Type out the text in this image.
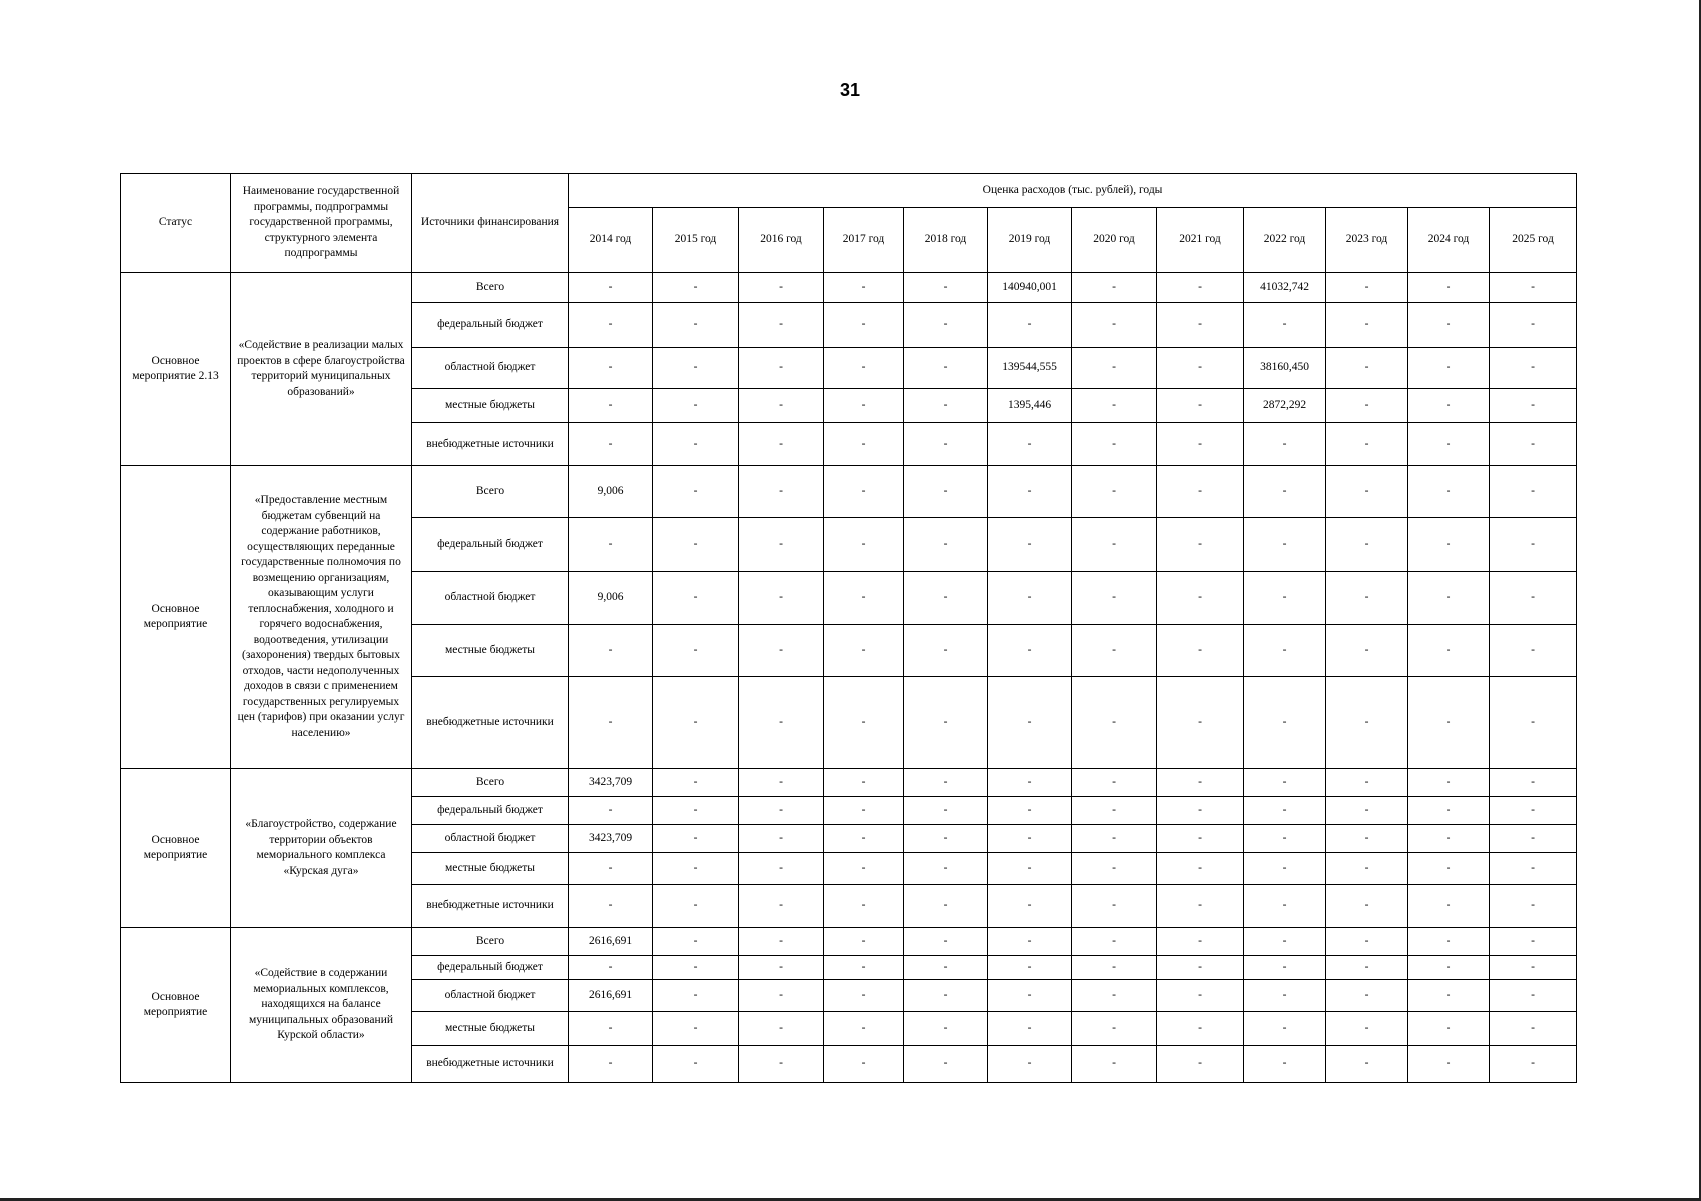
31
Статус	Наименование государственной программы, подпрограммы государственной программы, структурного элемента подпрограммы	Источники финансирования	Оценка расходов (тыс. рублей), годы											
			2014 год	2015 год	2016 год	2017 год	2018 год	2019 год	2020 год	2021 год	2022 год	2023 год	2024 год	2025 год
Основное мероприятие 2.13	«Содействие в реализации малых проектов в сфере благоустройства территорий муниципальных образований»	Всего	-	-	-	-	-	140940,001	-	-	41032,742	-	-	-
		федеральный бюджет	-	-	-	-	-	-	-	-	-	-	-	-
		областной бюджет	-	-	-	-	-	139544,555	-	-	38160,450	-	-	-
		местные бюджеты	-	-	-	-	-	1395,446	-	-	2872,292	-	-	-
		внебюджетные источники	-	-	-	-	-	-	-	-	-	-	-	-
Основное мероприятие	«Предоставление местным бюджетам субвенций на содержание работников, осуществляющих переданные государственные полномочия по возмещению организациям, оказывающим услуги теплоснабжения, холодного и горячего водоснабжения, водоотведения, утилизации (захоронения) твердых бытовых отходов, части недополученных доходов в связи с применением государственных регулируемых цен (тарифов) при оказании услуг населению»	Всего	9,006	-	-	-	-	-	-	-	-	-	-	-
		федеральный бюджет	-	-	-	-	-	-	-	-	-	-	-	-
		областной бюджет	9,006	-	-	-	-	-	-	-	-	-	-	-
		местные бюджеты	-	-	-	-	-	-	-	-	-	-	-	-
		внебюджетные источники	-	-	-	-	-	-	-	-	-	-	-	-
Основное мероприятие	«Благоустройство, содержание территории объектов мемориального комплекса «Курская дуга»	Всего	3423,709	-	-	-	-	-	-	-	-	-	-	-
		федеральный бюджет	-	-	-	-	-	-	-	-	-	-	-	-
		областной бюджет	3423,709	-	-	-	-	-	-	-	-	-	-	-
		местные бюджеты	-	-	-	-	-	-	-	-	-	-	-	-
		внебюджетные источники	-	-	-	-	-	-	-	-	-	-	-	-
Основное мероприятие	«Содействие в содержании мемориальных комплексов, находящихся на балансе муниципальных образований Курской области»	Всего	2616,691	-	-	-	-	-	-	-	-	-	-	-
		федеральный бюджет	-	-	-	-	-	-	-	-	-	-	-	-
		областной бюджет	2616,691	-	-	-	-	-	-	-	-	-	-	-
		местные бюджеты	-	-	-	-	-	-	-	-	-	-	-	-
		внебюджетные источники	-	-	-	-	-	-	-	-	-	-	-	-
